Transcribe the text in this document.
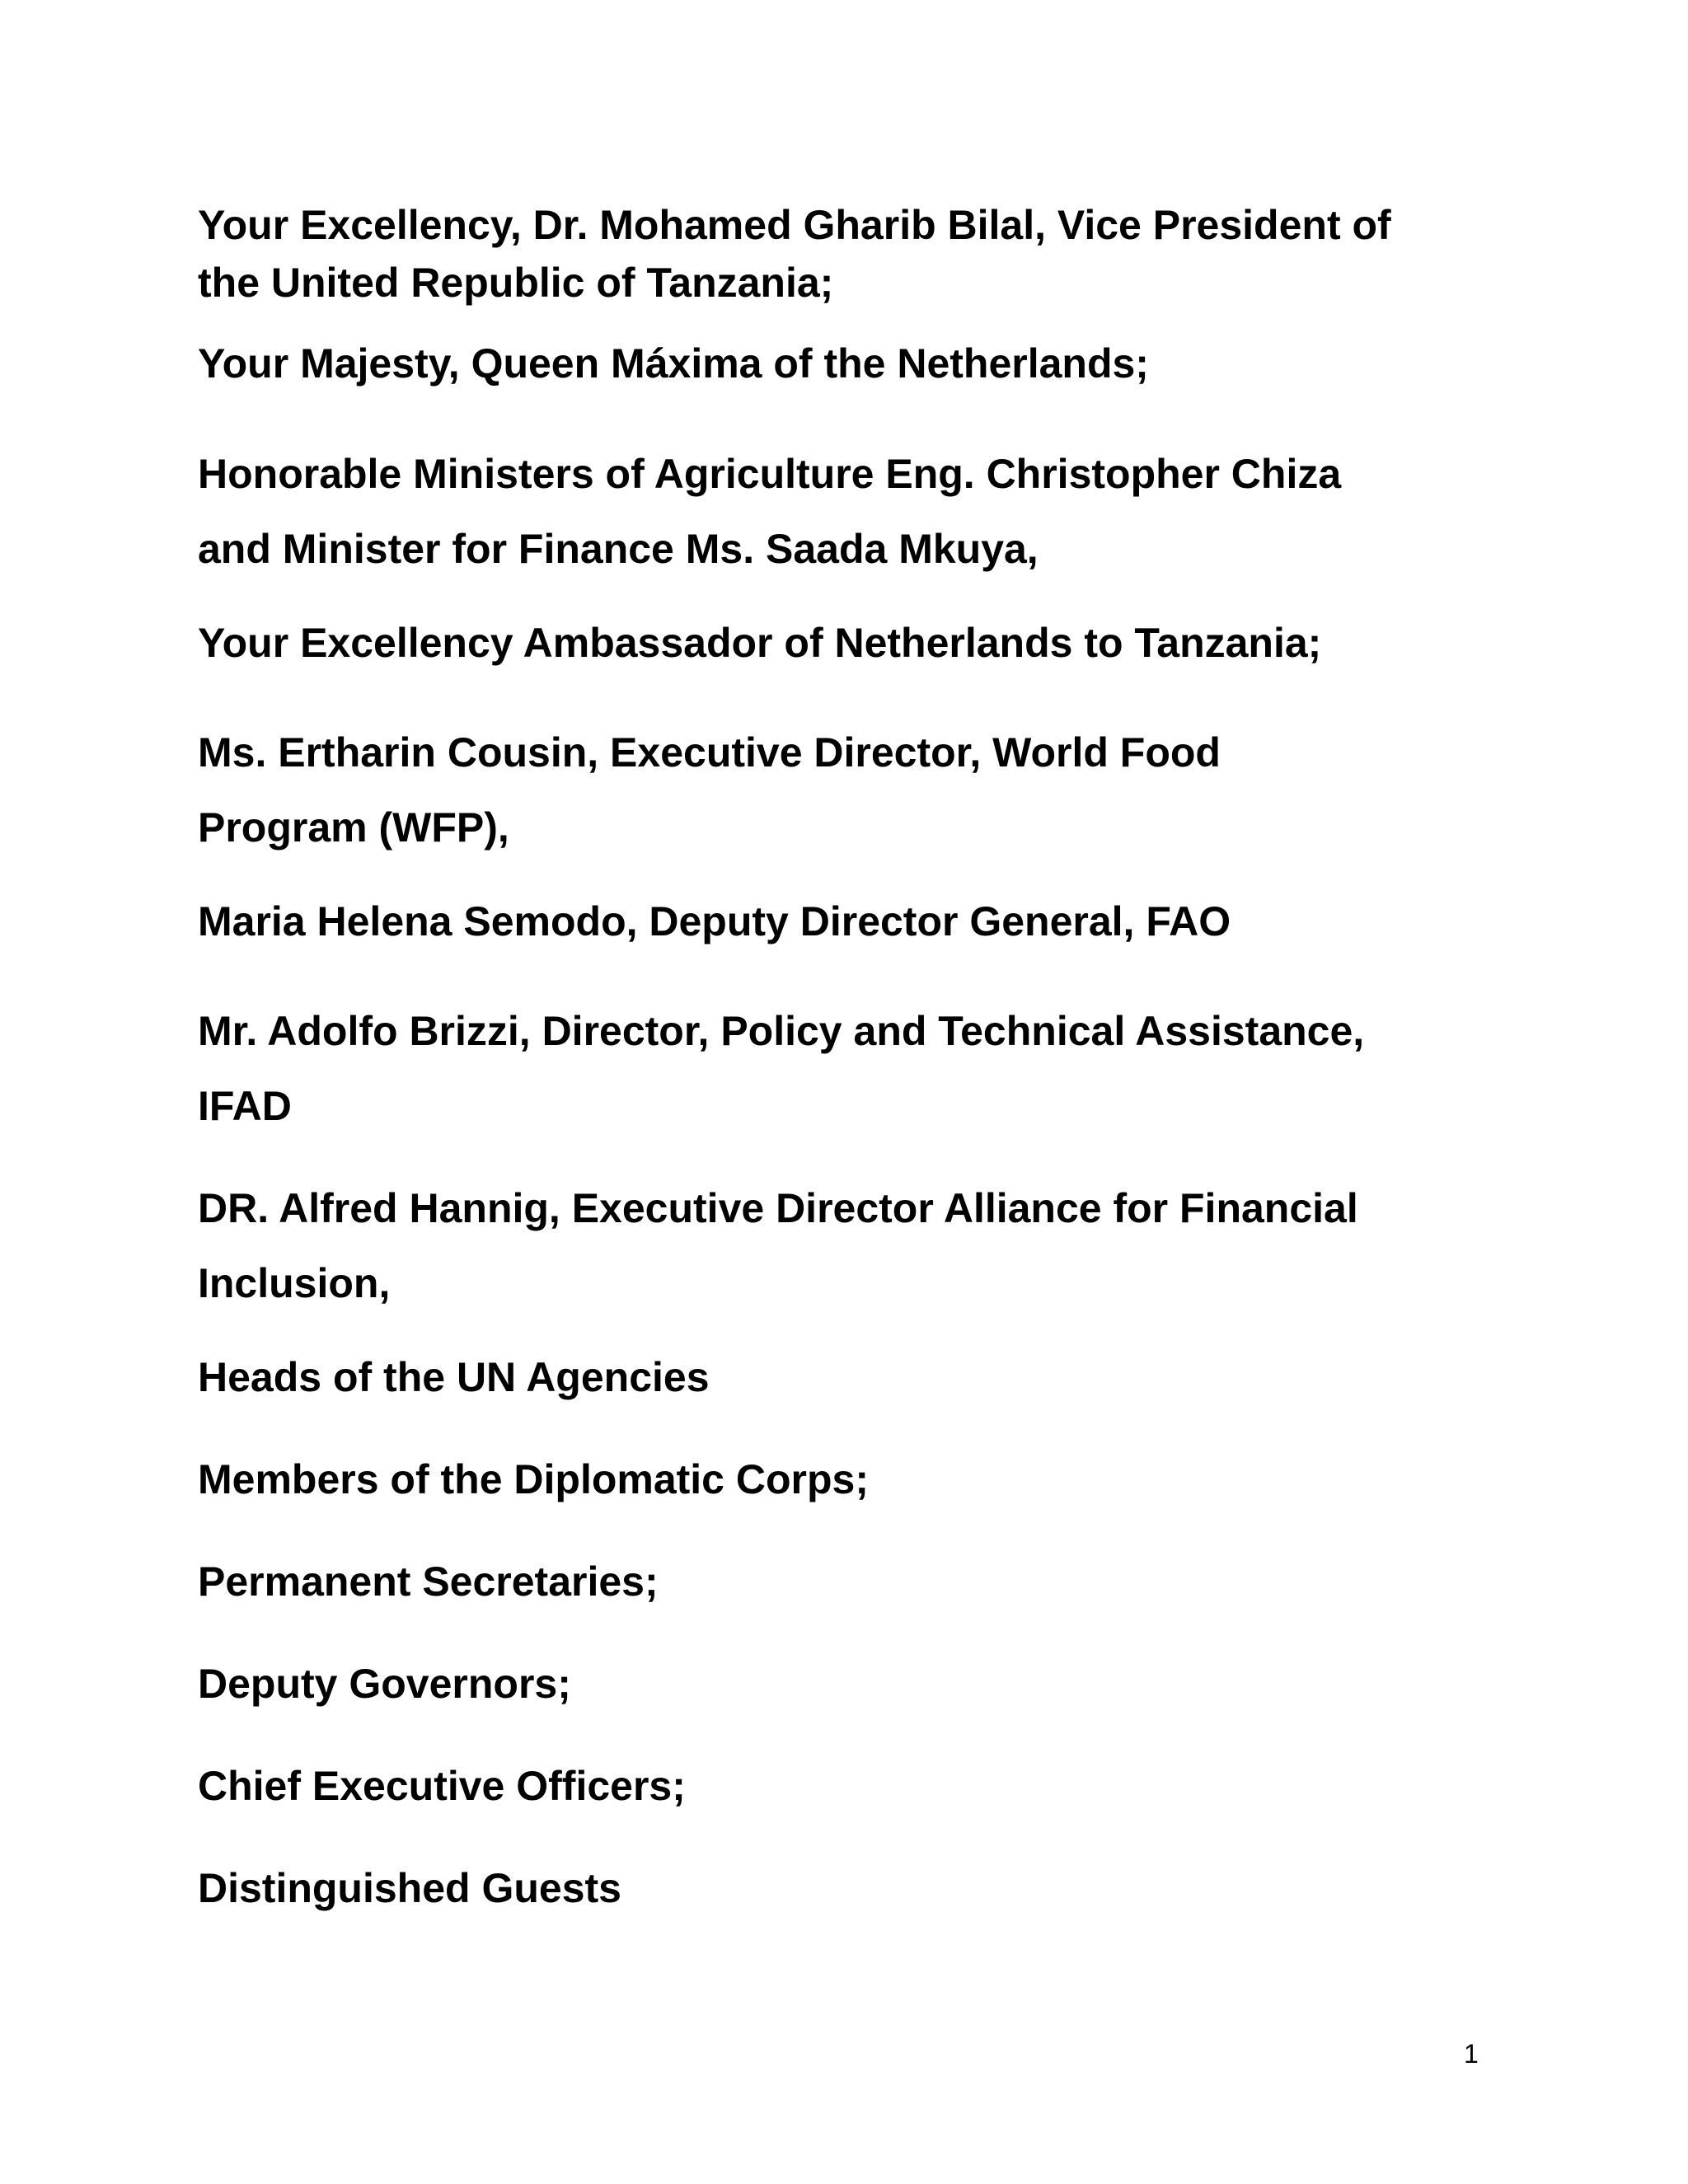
Your Excellency, Dr. Mohamed Gharib Bilal, Vice President of
the United Republic of Tanzania;

Your Majesty, Queen Máxima of the Netherlands;

Honorable Ministers of Agriculture Eng. Christopher Chiza
and Minister for Finance Ms. Saada Mkuya,

Your Excellency Ambassador of Netherlands to Tanzania;

Ms. Ertharin Cousin, Executive Director, World Food
Program (WFP),

Maria Helena Semodo, Deputy Director General, FAO

Mr. Adolfo Brizzi, Director, Policy and Technical Assistance,
IFAD

DR. Alfred Hannig, Executive Director Alliance for Financial
Inclusion,

Heads of the UN Agencies

Members of the Diplomatic Corps;

Permanent Secretaries;

Deputy Governors;

Chief Executive Officers;

Distinguished Guests

1
